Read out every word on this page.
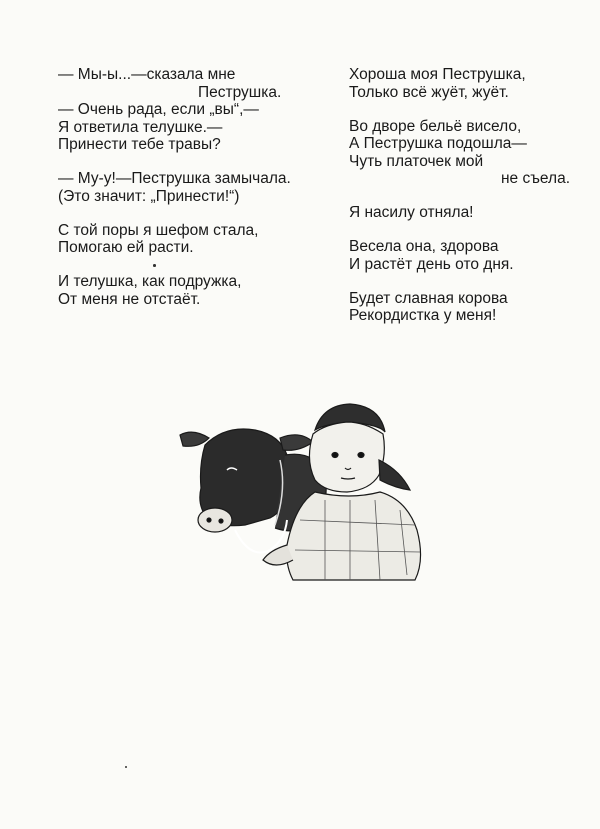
— Мы-ы...—сказала мне
Пеструшка.
— Очень рада, если „вы“,—
Я ответила телушке.—
Принести тебе травы?
— Му-у!—Пеструшка замычала.
(Это значит: „Принести!“)
С той поры я шефом стала,
Помогаю ей расти.
И телушка, как подружка,
От меня не отстаёт.
Хороша моя Пеструшка,
Только всё жуёт, жуёт.
Во дворе бельё висело,
А Пеструшка подошла—
Чуть платочек мой
не съела.
Я насилу отняла!
Весела она, здорова
И растёт день ото дня.
Будет славная корова
Рекордистка у меня!
